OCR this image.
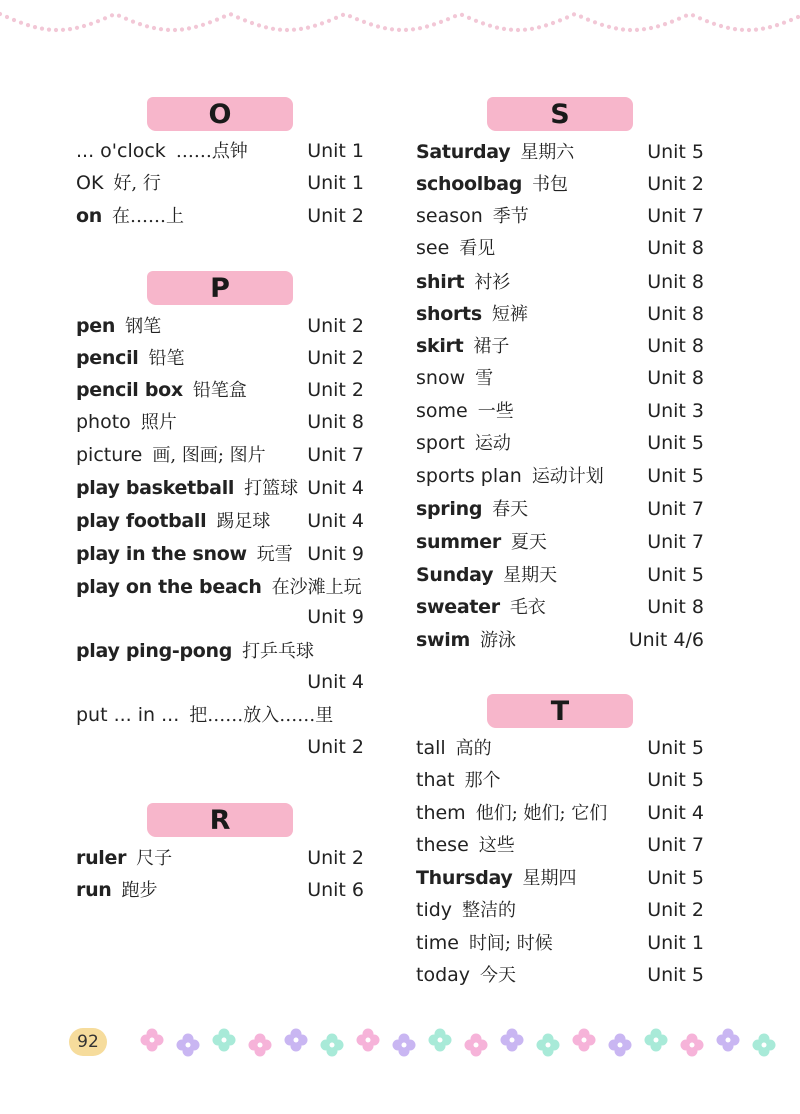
O
... o'clock ……点钟	Unit 1
OK 好, 行	Unit 1
on 在……上	Unit 2
P
pen 钢笔	Unit 2
pencil 铅笔	Unit 2
pencil box 铅笔盒	Unit 2
photo 照片	Unit 8
picture 画, 图画; 图片 Unit 7
play basketball 打篮球 Unit 4
play football 踢足球 Unit 4
play in the snow 玩雪 Unit 9
play on the beach 在沙滩上玩
Unit 9
play ping-pong 打乒乓球
Unit 4
put ... in ... 把……放入……里
Unit 2
R
ruler 尺子	Unit 2
run 跑步	Unit 6
S
Saturday 星期六	Unit 5
schoolbag 书包	Unit 2
season 季节	Unit 7
see 看见	Unit 8
shirt 衬衫	Unit 8
shorts 短裤	Unit 8
skirt 裙子	Unit 8
snow 雪	Unit 8
some 一些	Unit 3
sport 运动	Unit 5
sports plan 运动计划 Unit 5
spring 春天	Unit 7
summer 夏天	Unit 7
Sunday 星期天	Unit 5
sweater 毛衣	Unit 8
swim 游泳	Unit 4/6
T
tall 高的	Unit 5
that 那个	Unit 5
them 他们; 她们; 它们 Unit 4
these 这些	Unit 7
Thursday 星期四	Unit 5
tidy 整洁的	Unit 2
time 时间; 时候	Unit 1
today 今天	Unit 5
92
